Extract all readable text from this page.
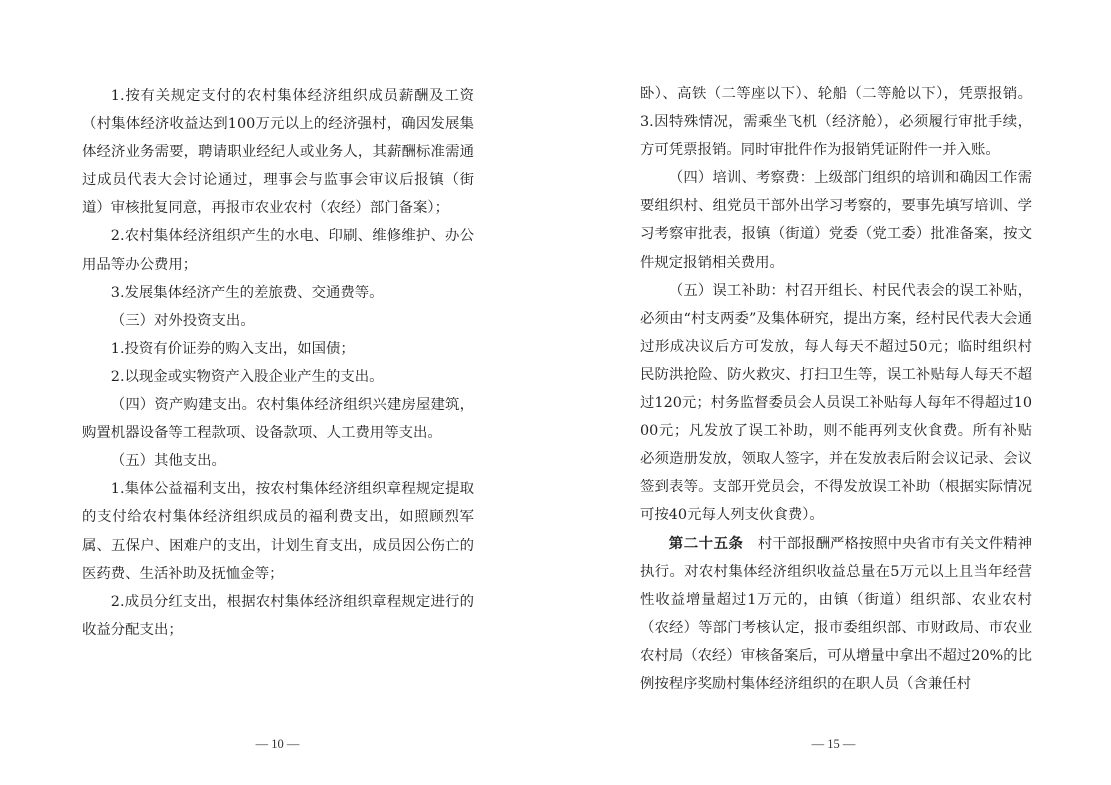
1.按有关规定支付的农村集体经济组织成员薪酬及工资（村集体经济收益达到100万元以上的经济强村，确因发展集体经济业务需要，聘请职业经纪人或业务人，其薪酬标准需通过成员代表大会讨论通过，理事会与监事会审议后报镇（街道）审核批复同意，再报市农业农村（农经）部门备案）；

2.农村集体经济组织产生的水电、印刷、维修维护、办公用品等办公费用；

3.发展集体经济产生的差旅费、交通费等。

（三）对外投资支出。

1.投资有价证券的购入支出，如国债；

2.以现金或实物资产入股企业产生的支出。

（四）资产购建支出。农村集体经济组织兴建房屋建筑，购置机器设备等工程款项、设备款项、人工费用等支出。

（五）其他支出。

1.集体公益福利支出，按农村集体经济组织章程规定提取的支付给农村集体经济组织成员的福利费支出，如照顾烈军属、五保户、困难户的支出，计划生育支出，成员因公伤亡的医药费、生活补助及抚恤金等；

2.成员分红支出，根据农村集体经济组织章程规定进行的收益分配支出；

— 10 —

卧）、高铁（二等座以下）、轮船（二等舱以下），凭票报销。3.因特殊情况，需乘坐飞机（经济舱），必须履行审批手续，方可凭票报销。同时审批件作为报销凭证附件一并入账。

（四）培训、考察费：上级部门组织的培训和确因工作需要组织村、组党员干部外出学习考察的，要事先填写培训、学习考察审批表，报镇（街道）党委（党工委）批准备案，按文件规定报销相关费用。

（五）误工补助：村召开组长、村民代表会的误工补贴，必须由“村支两委”及集体研究，提出方案，经村民代表大会通过形成决议后方可发放，每人每天不超过50元；临时组织村民防洪抢险、防火救灾、打扫卫生等，误工补贴每人每天不超过120元；村务监督委员会人员误工补贴每人每年不得超过1000元；凡发放了误工补助，则不能再列支伙食费。所有补贴必须造册发放，领取人签字，并在发放表后附会议记录、会议签到表等。支部开党员会，不得发放误工补助（根据实际情况可按40元每人列支伙食费）。

第二十五条　 村干部报酬严格按照中央省市有关文件精神执行。对农村集体经济组织收益总量在5万元以上且当年经营性收益增量超过1万元的，由镇（街道）组织部、农业农村（农经）等部门考核认定，报市委组织部、市财政局、市农业农村局（农经）审核备案后，可从增量中拿出不超过20%的比例按程序奖励村集体经济组织的在职人员（含兼任村

— 15 —
